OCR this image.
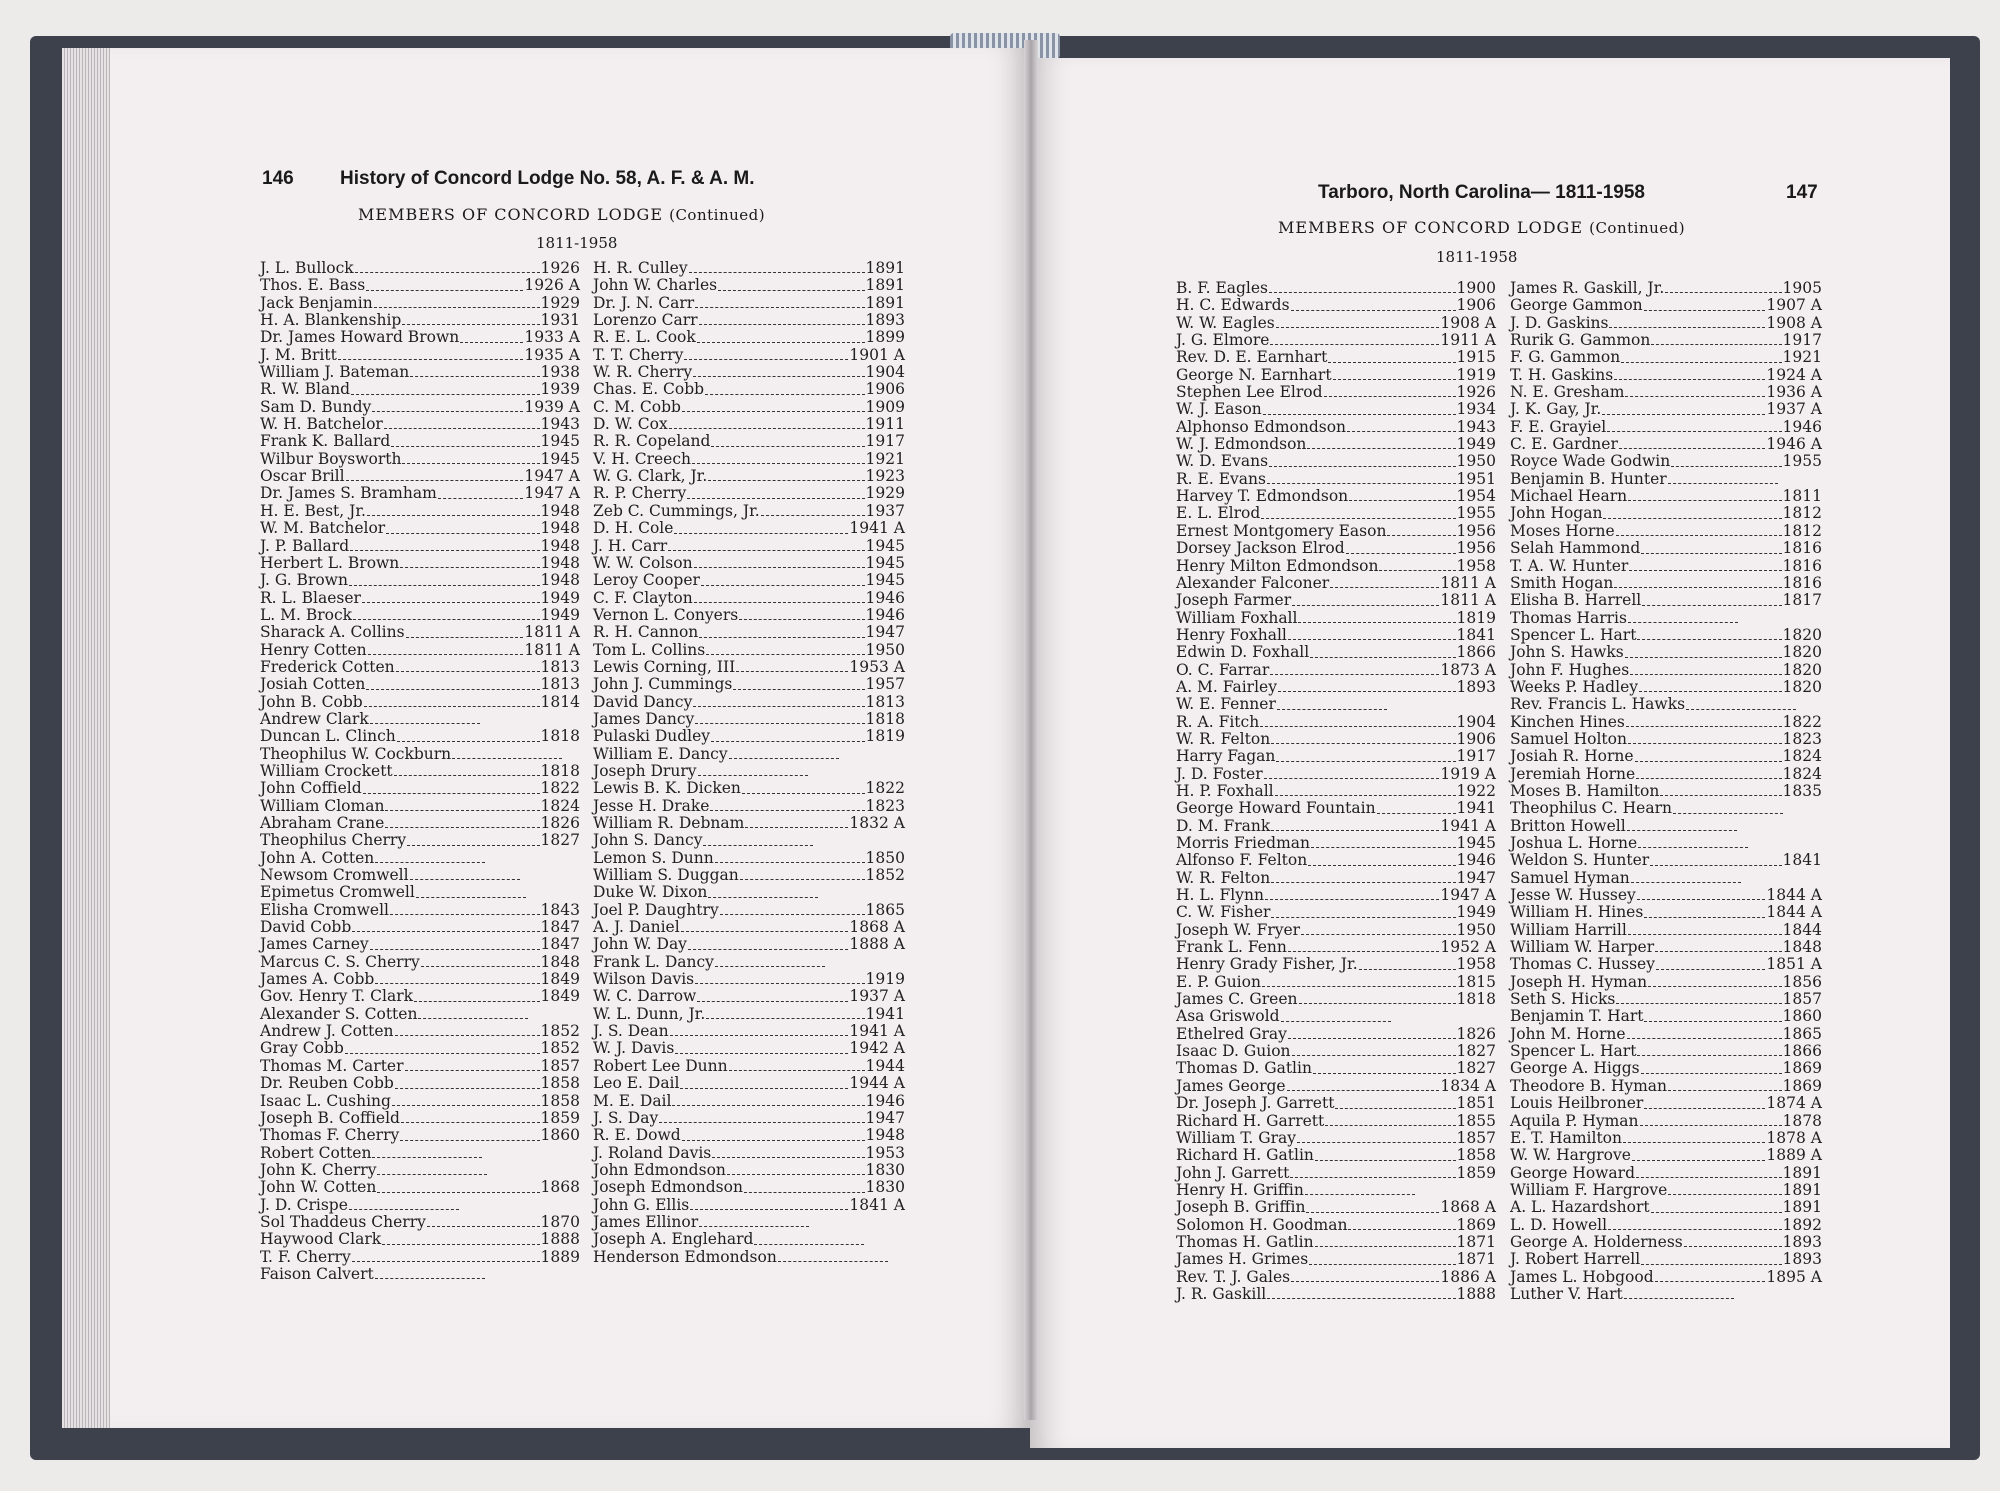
146 History of Concord Lodge No. 58, A. F. & A. M.
MEMBERS OF CONCORD LODGE (Continued)
1811-1958
J. L. Bullock	1926
Thos. E. Bass	1926 A
Jack Benjamin	1929
H. A. Blankenship	1931
Dr. James Howard Brown	1933 A
J. M. Britt	1935 A
William J. Bateman	1938
R. W. Bland	1939
Sam D. Bundy	1939 A
W. H. Batchelor	1943
Frank K. Ballard	1945
Wilbur Boysworth	1945
Oscar Brill	1947 A
Dr. James S. Bramham	1947 A
H. E. Best, Jr.	1948
W. M. Batchelor	1948
J. P. Ballard	1948
Herbert L. Brown	1948
J. G. Brown	1948
R. L. Blaeser	1949
L. M. Brock	1949
Sharack A. Collins	1811 A
Henry Cotten	1811 A
Frederick Cotten	1813
Josiah Cotten	1813
John B. Cobb	1814
Andrew Clark
Duncan L. Clinch	1818
Theophilus W. Cockburn
William Crockett	1818
John Coffield	1822
William Cloman	1824
Abraham Crane	1826
Theophilus Cherry	1827
John A. Cotten
Newsom Cromwell
Epimetus Cromwell
Elisha Cromwell	1843
David Cobb	1847
James Carney	1847
Marcus C. S. Cherry	1848
James A. Cobb	1849
Gov. Henry T. Clark	1849
Alexander S. Cotten
Andrew J. Cotten	1852
Gray Cobb	1852
Thomas M. Carter	1857
Dr. Reuben Cobb	1858
Isaac L. Cushing	1858
Joseph B. Coffield	1859
Thomas F. Cherry	1860
Robert Cotten
John K. Cherry
John W. Cotten	1868
J. D. Crispe
Sol Thaddeus Cherry	1870
Haywood Clark	1888
T. F. Cherry	1889
Faison Calvert
H. R. Culley	1891
John W. Charles	1891
Dr. J. N. Carr	1891
Lorenzo Carr	1893
R. E. L. Cook	1899
T. T. Cherry	1901 A
W. R. Cherry	1904
Chas. E. Cobb	1906
C. M. Cobb	1909
D. W. Cox	1911
R. R. Copeland	1917
V. H. Creech	1921
W. G. Clark, Jr.	1923
R. P. Cherry	1929
Zeb C. Cummings, Jr.	1937
D. H. Cole	1941 A
J. H. Carr	1945
W. W. Colson	1945
Leroy Cooper	1945
C. F. Clayton	1946
Vernon L. Conyers	1946
R. H. Cannon	1947
Tom L. Collins	1950
Lewis Corning, III	1953 A
John J. Cummings	1957
David Dancy	1813
James Dancy	1818
Pulaski Dudley	1819
William E. Dancy
Joseph Drury
Lewis B. K. Dicken	1822
Jesse H. Drake	1823
William R. Debnam	1832 A
John S. Dancy
Lemon S. Dunn	1850
William S. Duggan	1852
Duke W. Dixon
Joel P. Daughtry	1865
A. J. Daniel	1868 A
John W. Day	1888 A
Frank L. Dancy
Wilson Davis	1919
W. C. Darrow	1937 A
W. L. Dunn, Jr.	1941
J. S. Dean	1941 A
W. J. Davis	1942 A
Robert Lee Dunn	1944
Leo E. Dail	1944 A
M. E. Dail	1946
J. S. Day	1947
R. E. Dowd	1948
J. Roland Davis	1953
John Edmondson	1830
Joseph Edmondson	1830
John G. Ellis	1841 A
James Ellinor
Joseph A. Englehard
Henderson Edmondson
Tarboro, North Carolina— 1811-1958	147
MEMBERS OF CONCORD LODGE (Continued)
1811-1958
B. F. Eagles	1900
H. C. Edwards	1906
W. W. Eagles	1908 A
J. G. Elmore	1911 A
Rev. D. E. Earnhart	1915
George N. Earnhart	1919
Stephen Lee Elrod	1926
W. J. Eason	1934
Alphonso Edmondson	1943
W. J. Edmondson	1949
W. D. Evans	1950
R. E. Evans	1951
Harvey T. Edmondson	1954
E. L. Elrod	1955
Ernest Montgomery Eason	1956
Dorsey Jackson Elrod	1956
Henry Milton Edmondson	1958
Alexander Falconer	1811 A
Joseph Farmer	1811 A
William Foxhall	1819
Henry Foxhall	1841
Edwin D. Foxhall	1866
O. C. Farrar	1873 A
A. M. Fairley	1893
W. E. Fenner
R. A. Fitch	1904
W. R. Felton	1906
Harry Fagan	1917
J. D. Foster	1919 A
H. P. Foxhall	1922
George Howard Fountain	1941
D. M. Frank	1941 A
Morris Friedman	1945
Alfonso F. Felton	1946
W. R. Felton	1947
H. L. Flynn	1947 A
C. W. Fisher	1949
Joseph W. Fryer	1950
Frank L. Fenn	1952 A
Henry Grady Fisher, Jr.	1958
E. P. Guion	1815
James C. Green	1818
Asa Griswold
Ethelred Gray	1826
Isaac D. Guion	1827
Thomas D. Gatlin	1827
James George	1834 A
Dr. Joseph J. Garrett	1851
Richard H. Garrett	1855
William T. Gray	1857
Richard H. Gatlin	1858
John J. Garrett	1859
Henry H. Griffin
Joseph B. Griffin	1868 A
Solomon H. Goodman	1869
Thomas H. Gatlin	1871
James H. Grimes	1871
Rev. T. J. Gales	1886 A
J. R. Gaskill	1888
James R. Gaskill, Jr.	1905
George Gammon	1907 A
J. D. Gaskins	1908 A
Rurik G. Gammon	1917
F. G. Gammon	1921
T. H. Gaskins	1924 A
N. E. Gresham	1936 A
J. K. Gay, Jr.	1937 A
F. E. Grayiel	1946
C. E. Gardner	1946 A
Royce Wade Godwin	1955
Benjamin B. Hunter
Michael Hearn	1811
John Hogan	1812
Moses Horne	1812
Selah Hammond	1816
T. A. W. Hunter	1816
Smith Hogan	1816
Elisha B. Harrell	1817
Thomas Harris
Spencer L. Hart	1820
John S. Hawks	1820
John F. Hughes	1820
Weeks P. Hadley	1820
Rev. Francis L. Hawks
Kinchen Hines	1822
Samuel Holton	1823
Josiah R. Horne	1824
Jeremiah Horne	1824
Moses B. Hamilton	1835
Theophilus C. Hearn
Britton Howell
Joshua L. Horne
Weldon S. Hunter	1841
Samuel Hyman
Jesse W. Hussey	1844 A
William H. Hines	1844 A
William Harrill	1844
William W. Harper	1848
Thomas C. Hussey	1851 A
Joseph H. Hyman	1856
Seth S. Hicks	1857
Benjamin T. Hart	1860
John M. Horne	1865
Spencer L. Hart	1866
George A. Higgs	1869
Theodore B. Hyman	1869
Louis Heilbroner	1874 A
Aquila P. Hyman	1878
E. T. Hamilton	1878 A
W. W. Hargrove	1889 A
George Howard	1891
William F. Hargrove	1891
A. L. Hazardshort	1891
L. D. Howell	1892
George A. Holderness	1893
J. Robert Harrell	1893
James L. Hobgood	1895 A
Luther V. Hart
